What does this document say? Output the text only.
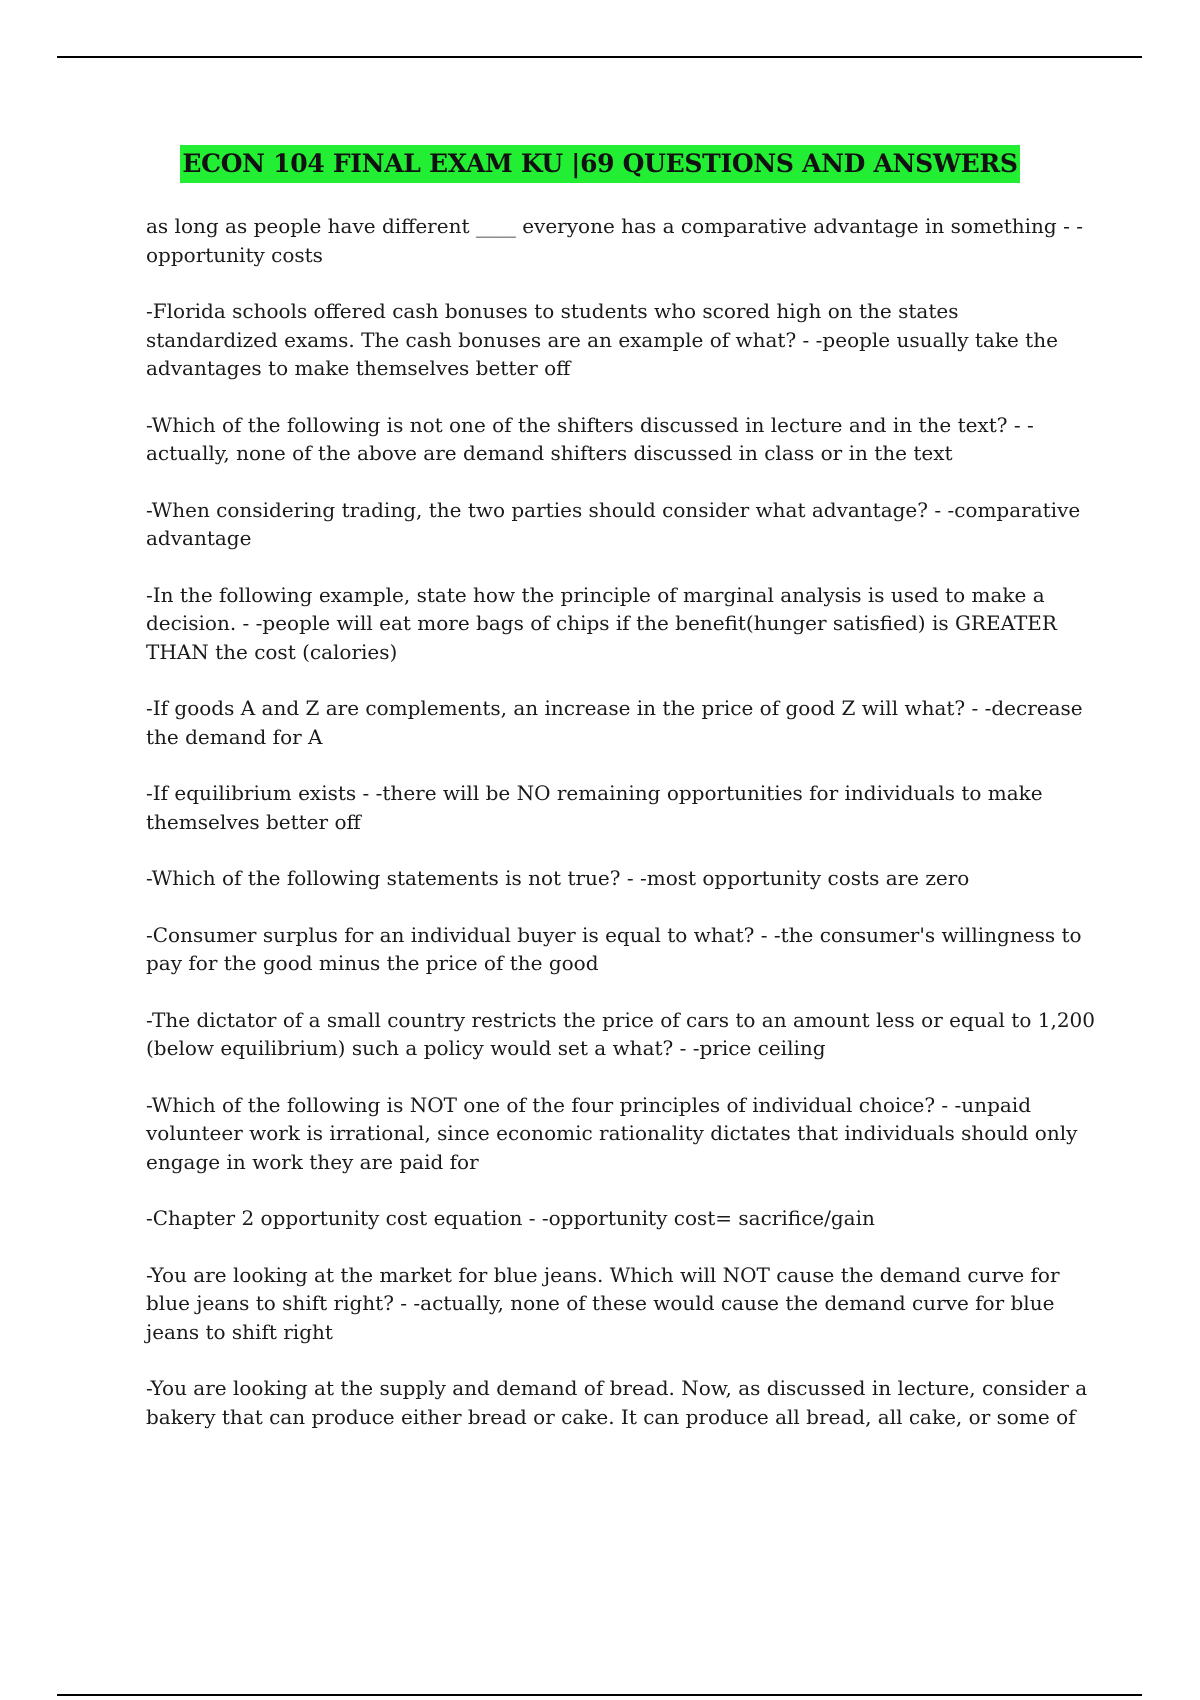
ECON 104 FINAL EXAM KU |69 QUESTIONS AND ANSWERS

as long as people have different ____ everyone has a comparative advantage in something - -opportunity costs

-Florida schools offered cash bonuses to students who scored high on the states standardized exams. The cash bonuses are an example of what? - -people usually take the advantages to make themselves better off

-Which of the following is not one of the shifters discussed in lecture and in the text? - -actually, none of the above are demand shifters discussed in class or in the text

-When considering trading, the two parties should consider what advantage? - -comparative advantage

-In the following example, state how the principle of marginal analysis is used to make a decision. - -people will eat more bags of chips if the benefit(hunger satisfied) is GREATER THAN the cost (calories)

-If goods A and Z are complements, an increase in the price of good Z will what? - -decrease the demand for A

-If equilibrium exists - -there will be NO remaining opportunities for individuals to make themselves better off

-Which of the following statements is not true? - -most opportunity costs are zero

-Consumer surplus for an individual buyer is equal to what? - -the consumer's willingness to pay for the good minus the price of the good

-The dictator of a small country restricts the price of cars to an amount less or equal to 1,200 (below equilibrium) such a policy would set a what? - -price ceiling

-Which of the following is NOT one of the four principles of individual choice? - -unpaid volunteer work is irrational, since economic rationality dictates that individuals should only engage in work they are paid for

-Chapter 2 opportunity cost equation - -opportunity cost= sacrifice/gain

-You are looking at the market for blue jeans. Which will NOT cause the demand curve for blue jeans to shift right? - -actually, none of these would cause the demand curve for blue jeans to shift right

-You are looking at the supply and demand of bread. Now, as discussed in lecture, consider a bakery that can produce either bread or cake. It can produce all bread, all cake, or some of
